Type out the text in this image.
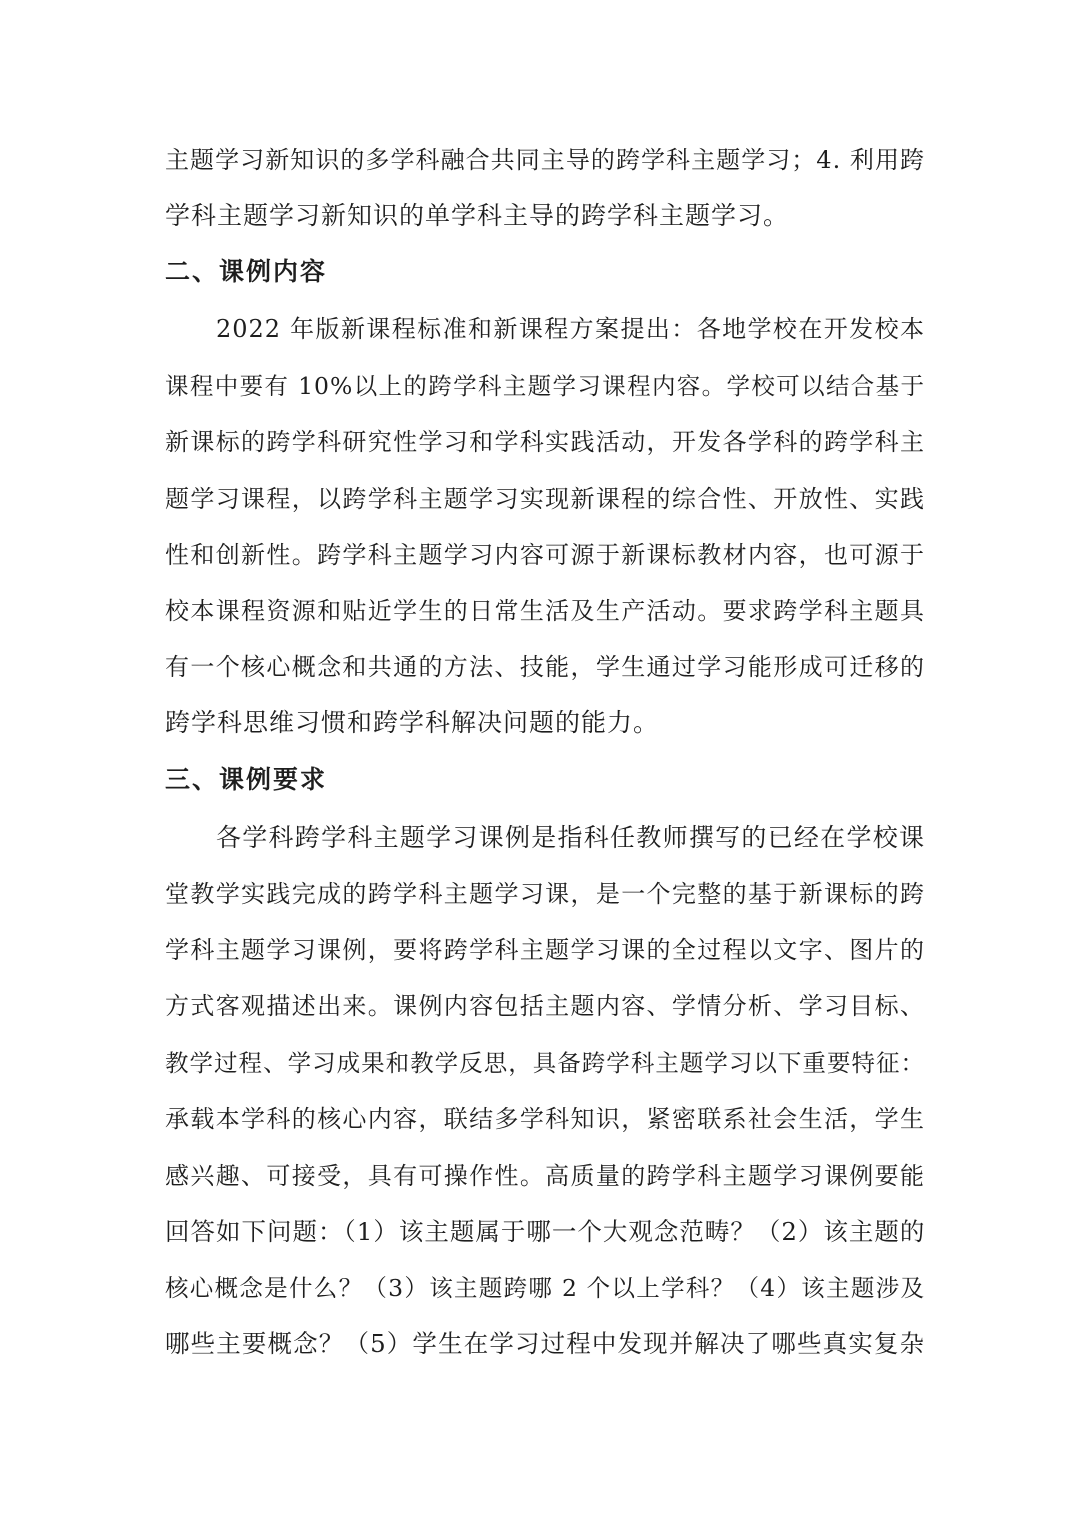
主题学习新知识的多学科融合共同主导的跨学科主题学习；4. 利用跨
学科主题学习新知识的单学科主导的跨学科主题学习。
二、课例内容
2022 年版新课程标准和新课程方案提出：各地学校在开发校本
课程中要有 10%以上的跨学科主题学习课程内容。学校可以结合基于
新课标的跨学科研究性学习和学科实践活动，开发各学科的跨学科主
题学习课程，以跨学科主题学习实现新课程的综合性、开放性、实践
性和创新性。跨学科主题学习内容可源于新课标教材内容，也可源于
校本课程资源和贴近学生的日常生活及生产活动。要求跨学科主题具
有一个核心概念和共通的方法、技能，学生通过学习能形成可迁移的
跨学科思维习惯和跨学科解决问题的能力。
三、课例要求
各学科跨学科主题学习课例是指科任教师撰写的已经在学校课
堂教学实践完成的跨学科主题学习课，是一个完整的基于新课标的跨
学科主题学习课例，要将跨学科主题学习课的全过程以文字、图片的
方式客观描述出来。课例内容包括主题内容、学情分析、学习目标、
教学过程、学习成果和教学反思，具备跨学科主题学习以下重要特征：
承载本学科的核心内容，联结多学科知识，紧密联系社会生活，学生
感兴趣、可接受，具有可操作性。高质量的跨学科主题学习课例要能
回答如下问题：（1）该主题属于哪一个大观念范畴？（2）该主题的
核心概念是什么？（3）该主题跨哪 2 个以上学科？（4）该主题涉及
哪些主要概念？（5）学生在学习过程中发现并解决了哪些真实复杂
